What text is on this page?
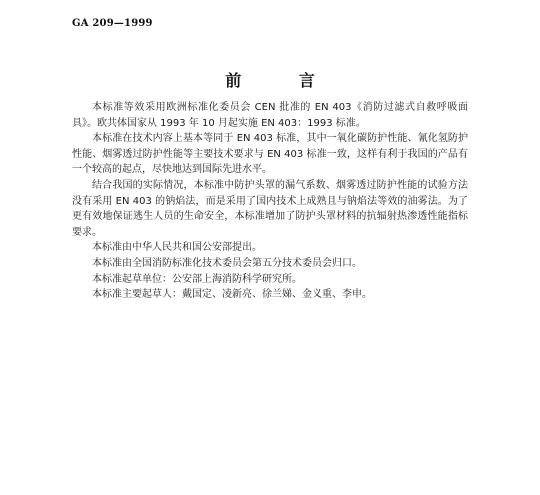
GA 209—1999
前 言

本标准等效采用欧洲标准化委员会 CEN 批准的 EN 403《消防过滤式自救呼吸面具》。欧共体国家从 1993 年 10 月起实施 EN 403：1993 标准。

本标准在技术内容上基本等同于 EN 403 标准，其中一氧化碳防护性能、氰化氢防护性能、烟雾透过防护性能等主要技术要求与 EN 403 标准一致，这样有利于我国的产品有一个较高的起点，尽快地达到国际先进水平。

结合我国的实际情况，本标准中防护头罩的漏气系数、烟雾透过防护性能的试验方法没有采用 EN 403 的钠焰法，而是采用了国内技术上成熟且与钠焰法等效的油雾法。为了更有效地保证逃生人员的生命安全，本标准增加了防护头罩材料的抗辐射热渗透性能指标要求。

本标准由中华人民共和国公安部提出。

本标准由全国消防标准化技术委员会第五分技术委员会归口。

本标准起草单位：公安部上海消防科学研究所。

本标准主要起草人：戴国定、凌新亮、徐兰娣、金义重、李申。
